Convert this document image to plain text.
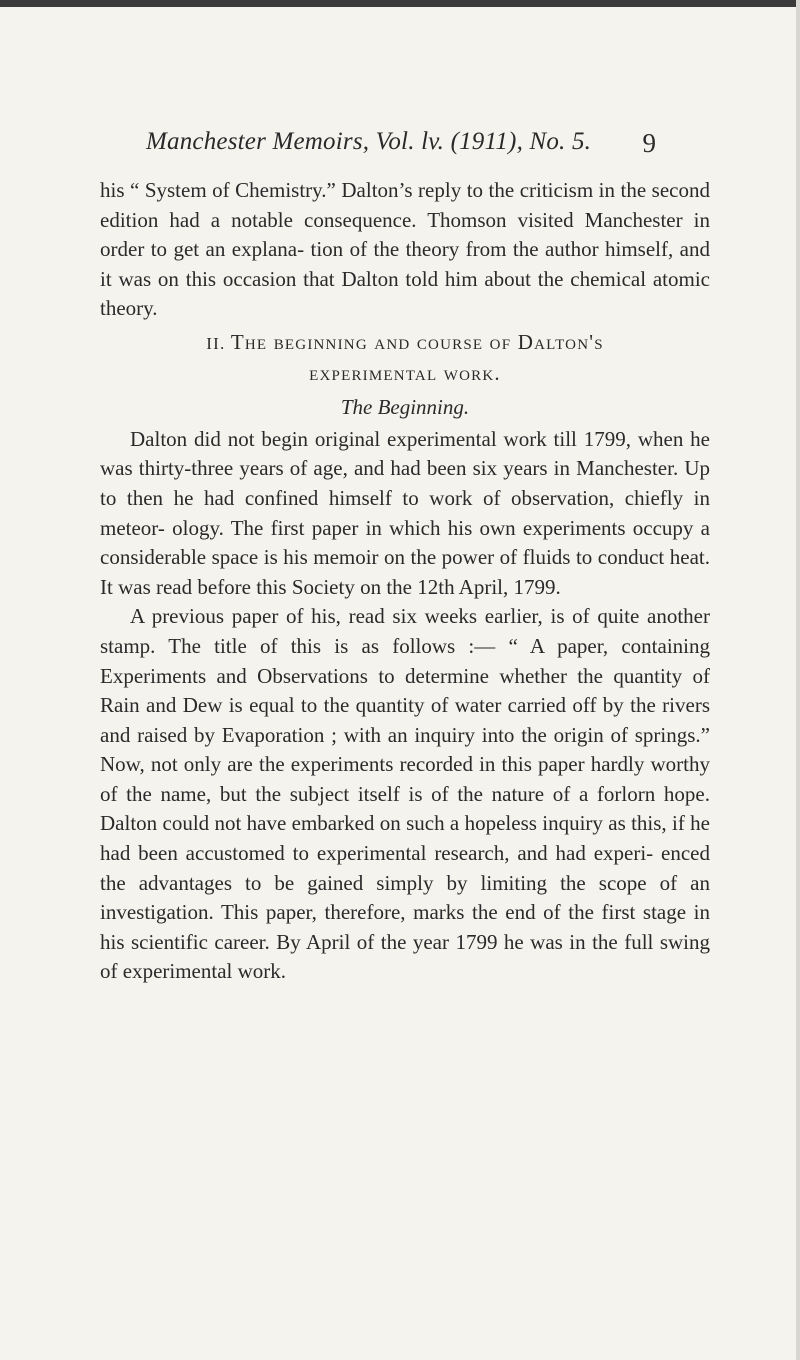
Manchester Memoirs, Vol. lv. (1911), No. 5. 9

his “ System of Chemistry.” Dalton’s reply to the criticism in the second edition had a notable consequence. Thomson visited Manchester in order to get an explana- tion of the theory from the author himself, and it was on this occasion that Dalton told him about the chemical atomic theory.

II. The beginning and course of Dalton's
experimental work.
The Beginning.

Dalton did not begin original experimental work till 1799, when he was thirty-three years of age, and had been six years in Manchester. Up to then he had confined himself to work of observation, chiefly in meteor- ology. The first paper in which his own experiments occupy a considerable space is his memoir on the power of fluids to conduct heat. It was read before this Society on the 12th April, 1799.

A previous paper of his, read six weeks earlier, is of quite another stamp. The title of this is as follows :— “ A paper, containing Experiments and Observations to determine whether the quantity of Rain and Dew is equal to the quantity of water carried off by the rivers and raised by Evaporation ; with an inquiry into the origin of springs.” Now, not only are the experiments recorded in this paper hardly worthy of the name, but the subject itself is of the nature of a forlorn hope. Dalton could not have embarked on such a hopeless inquiry as this, if he had been accustomed to experimental research, and had experi- enced the advantages to be gained simply by limiting the scope of an investigation. This paper, therefore, marks the end of the first stage in his scientific career. By April of the year 1799 he was in the full swing of experimental work.
